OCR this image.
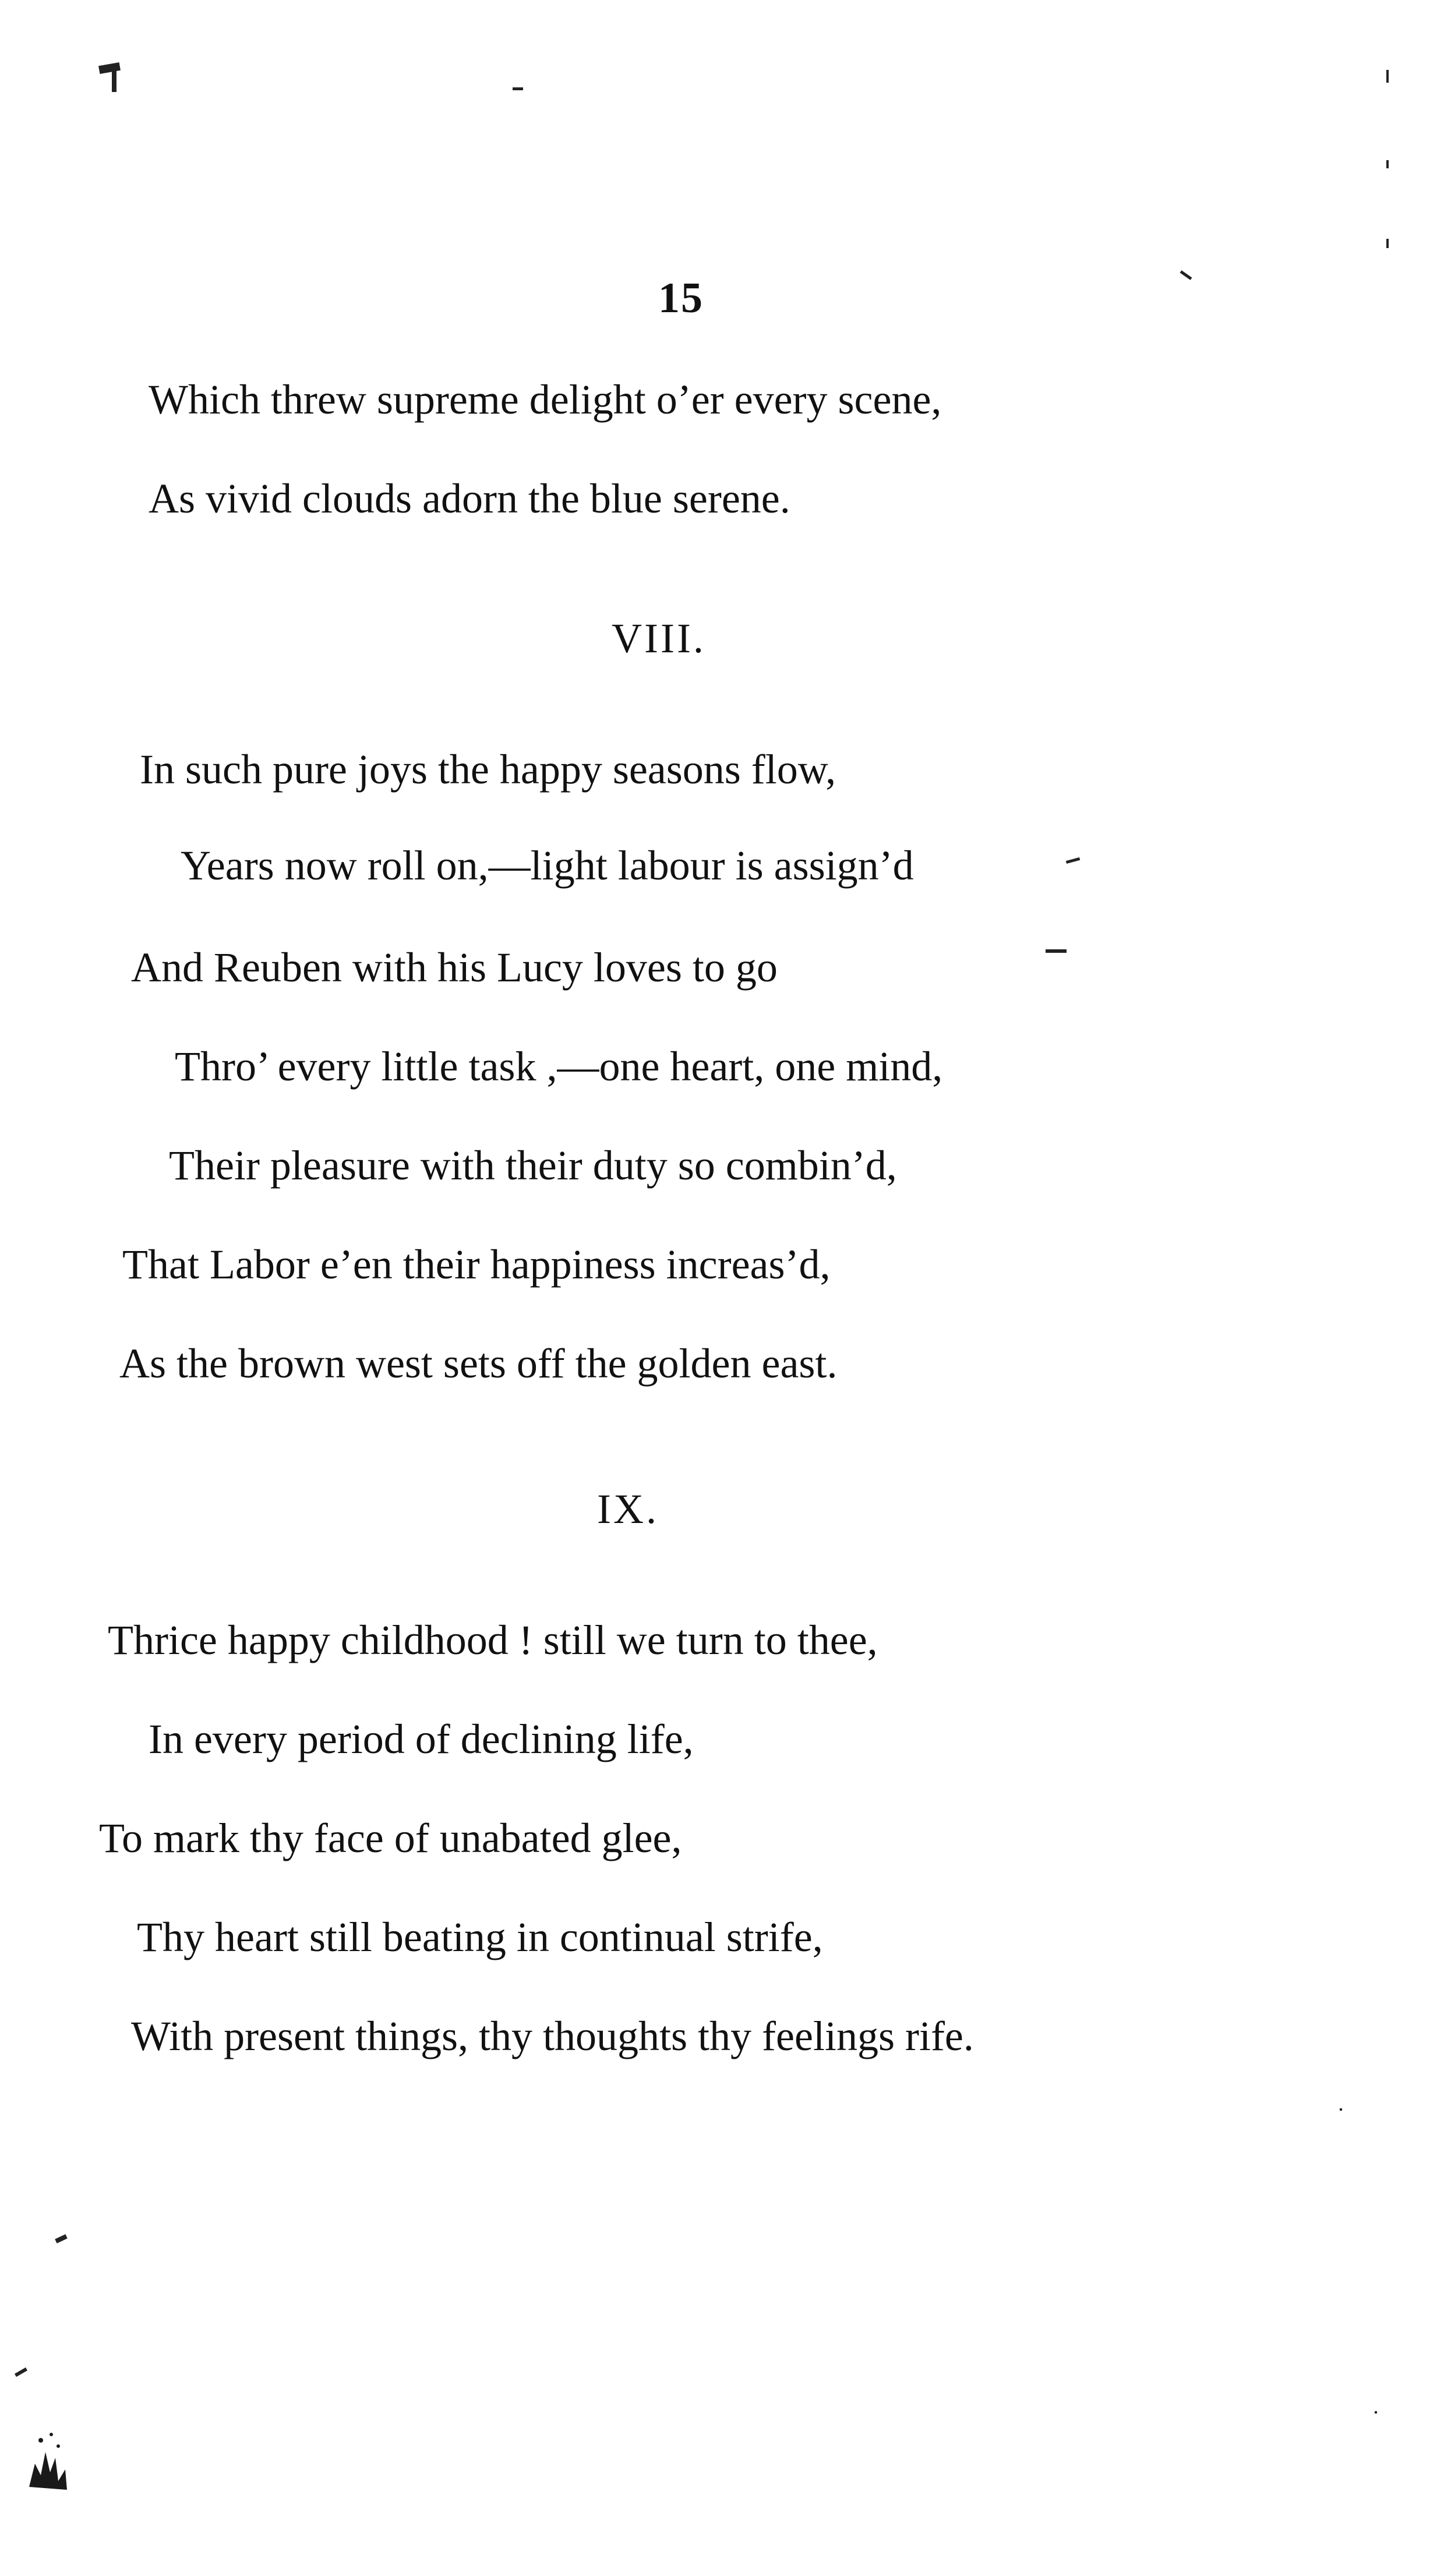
15
Which threw supreme delight o’er every scene,
As vivid clouds adorn the blue serene.
VIII.
In such pure joys the happy seasons flow,
Years now roll on,—light labour is assign’d
And Reuben with his Lucy loves to go
Thro’ every little task ,—one heart, one mind,
Their pleasure with their duty so combin’d,
That Labor e’en their happiness increas’d,
As the brown west sets off the golden east.
IX.
Thrice happy childhood ! still we turn to thee,
In every period of declining life,
To mark thy face of unabated glee,
Thy heart still beating in continual strife,
With present things, thy thoughts thy feelings rife.
